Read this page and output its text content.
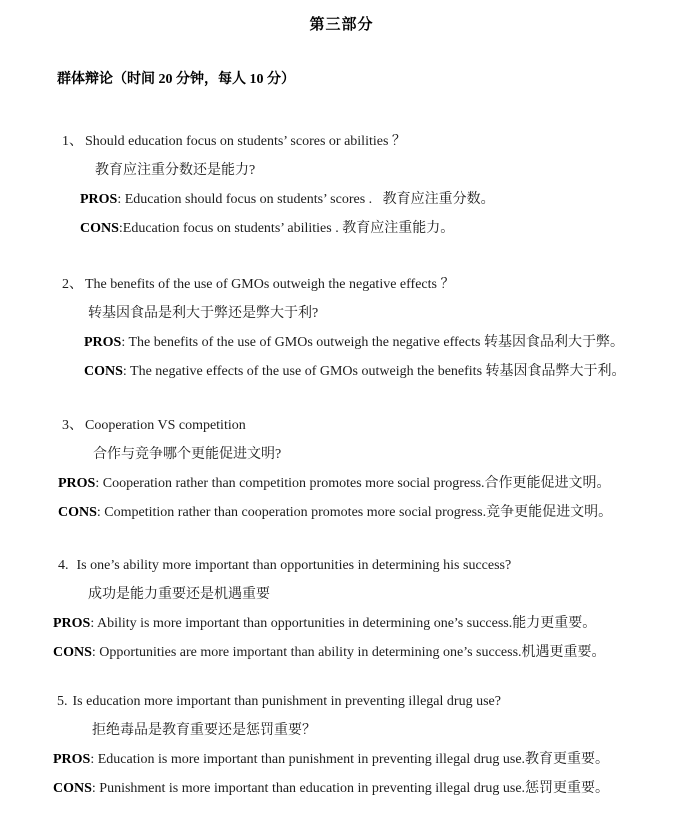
第三部分
群体辩论（时间 20 分钟，每人 10 分）
1、 Should education focus on students’ scores or abilities ？
教育应注重分数还是能力?
PROS: Education should focus on students’ scores .   教育应注重分数。
CONS:Education focus on students’ abilities . 教育应注重能力。
2、 The benefits of the use of GMOs outweigh the negative effects ？
转基因食品是利大于弊还是弊大于利?
PROS: The benefits of the use of GMOs outweigh the negative effects 转基因食品利大于弊。
CONS: The negative effects of the use of GMOs outweigh the benefits 转基因食品弊大于利。
3、 Cooperation VS competition
合作与竞争哪个更能促进文明?
PROS: Cooperation rather than competition promotes more social progress.合作更能促进文明。
CONS: Competition rather than cooperation promotes more social progress.竞争更能促进文明。
4. Is one’s ability more important than opportunities in determining his success?
成功是能力重要还是机遇重要
PROS: Ability is more important than opportunities in determining one’s success.能力更重要。
CONS: Opportunities are more important than ability in determining one’s success.机遇更重要。
5. Is education more important than punishment in preventing illegal drug use?
拒绝毒品是教育重要还是惩罚重要？
PROS: Education is more important than punishment in preventing illegal drug use.教育更重要。
CONS: Punishment is more important than education in preventing illegal drug use.惩罚更重要。
